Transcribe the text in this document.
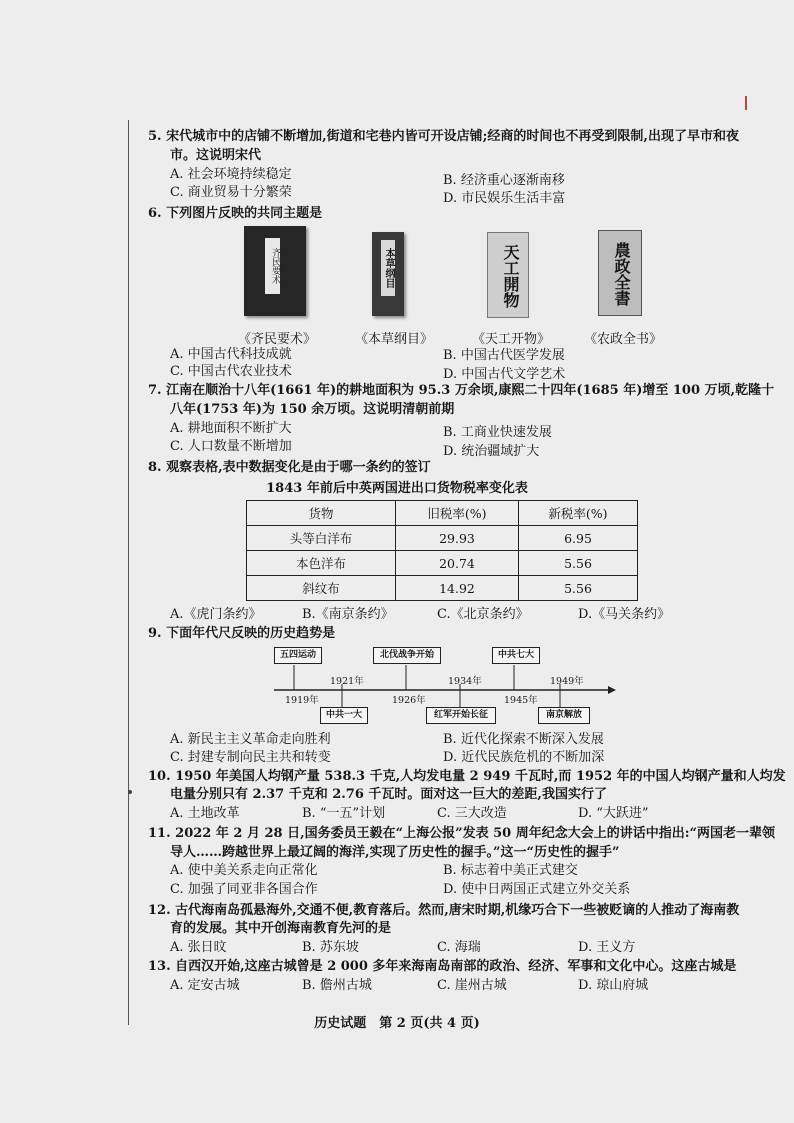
5. 宋代城市中的店铺不断增加,街道和宅巷内皆可开设店铺;经商的时间也不再受到限制,出现了早市和夜
市。这说明宋代
A. 社会环境持续稳定	B. 经济重心逐渐南移
C. 商业贸易十分繁荣	D. 市民娱乐生活丰富
6. 下列图片反映的共同主题是
齐民要术	本草纲目	天工開物	農政全書
《齐民要术》	《本草纲目》	《天工开物》	《农政全书》
A. 中国古代科技成就	B. 中国古代医学发展
C. 中国古代农业技术	D. 中国古代文学艺术
7. 江南在顺治十八年(1661 年)的耕地面积为 95.3 万余顷,康熙二十四年(1685 年)增至 100 万顷,乾隆十
八年(1753 年)为 150 余万顷。这说明清朝前期
A. 耕地面积不断扩大	B. 工商业快速发展
C. 人口数量不断增加	D. 统治疆域扩大
8. 观察表格,表中数据变化是由于哪一条约的签订
1843 年前后中英两国进出口货物税率变化表
货物	旧税率(%)	新税率(%)
头等白洋布	29.93	6.95
本色洋布	20.74	5.56
斜纹布	14.92	5.56
A.《虎门条约》	B.《南京条约》	C.《北京条约》	D.《马关条约》
9. 下面年代尺反映的历史趋势是
五四运动	北伐战争开始	中共七大
1921年	1934年	1949年
1919年	1926年	1945年
中共一大	红军开始长征	南京解放
A. 新民主主义革命走向胜利	B. 近代化探索不断深入发展
C. 封建专制向民主共和转变	D. 近代民族危机的不断加深
10. 1950 年美国人均钢产量 538.3 千克,人均发电量 2 949 千瓦时,而 1952 年的中国人均钢产量和人均发
电量分别只有 2.37 千克和 2.76 千瓦时。面对这一巨大的差距,我国实行了
A. 土地改革	B. “一五”计划	C. 三大改造	D. “大跃进”
11. 2022 年 2 月 28 日,国务委员王毅在“上海公报”发表 50 周年纪念大会上的讲话中指出:“两国老一辈领
导人……跨越世界上最辽阔的海洋,实现了历史性的握手。”这一“历史性的握手”
A. 使中美关系走向正常化	B. 标志着中美正式建交
C. 加强了同亚非各国合作	D. 使中日两国正式建立外交关系
12. 古代海南岛孤悬海外,交通不便,教育落后。然而,唐宋时期,机缘巧合下一些被贬谪的人推动了海南教
育的发展。其中开创海南教育先河的是
A. 张日旼	B. 苏东坡	C. 海瑞	D. 王义方
13. 自西汉开始,这座古城曾是 2 000 多年来海南岛南部的政治、经济、军事和文化中心。这座古城是
A. 定安古城	B. 儋州古城	C. 崖州古城	D. 琼山府城
历史试题　第 2 页(共 4 页)
